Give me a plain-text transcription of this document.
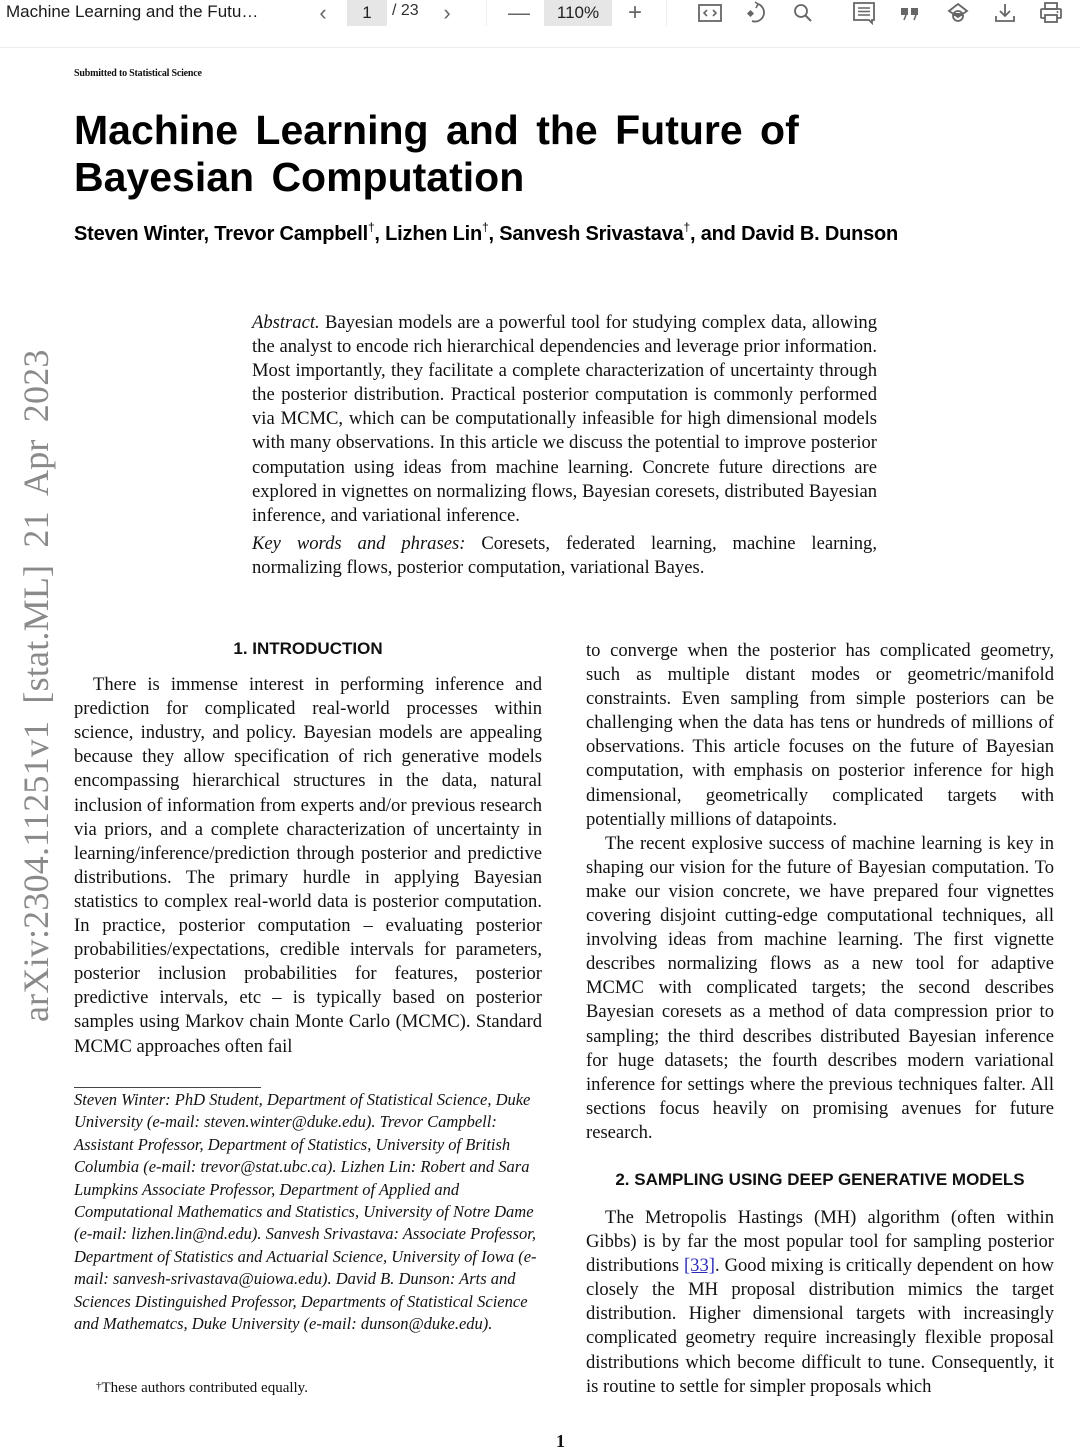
Machine Learning and the Futu…	‹	1	/ 23 ›	—	110%	+
Submitted to Statistical Science
Machine Learning and the Future of
Bayesian Computation
Steven Winter, Trevor Campbell†, Lizhen Lin†, Sanvesh Srivastava†, and David B. Dunson

Abstract. Bayesian models are a powerful tool for studying complex data, allowing the analyst to encode rich hierarchical dependencies and leverage prior information. Most importantly, they facilitate a complete characterization of uncertainty through the posterior distribution. Practical posterior computation is commonly performed via MCMC, which can be computationally infeasible for high dimensional models with many observations. In this article we discuss the potential to improve posterior computation using ideas from machine learning. Concrete future directions are explored in vignettes on normalizing flows, Bayesian coresets, distributed Bayesian inference, and variational inference.

Key words and phrases: Coresets, federated learning, machine learning, normalizing flows, posterior computation, variational Bayes.

1. INTRODUCTION

There is immense interest in performing inference and prediction for complicated real-world processes within science, industry, and policy. Bayesian models are appealing because they allow specification of rich generative models encompassing hierarchical structures in the data, natural inclusion of information from experts and/or previous research via priors, and a complete characterization of uncertainty in learning/inference/prediction through posterior and predictive distributions. The primary hurdle in applying Bayesian statistics to complex real-world data is posterior computation. In practice, posterior computation – evaluating posterior probabilities/expectations, credible intervals for parameters, posterior inclusion probabilities for features, posterior predictive intervals, etc – is typically based on posterior samples using Markov chain Monte Carlo (MCMC). Standard MCMC approaches often fail

Steven Winter: PhD Student, Department of Statistical Science, Duke University (e-mail: steven.winter@duke.edu). Trevor Campbell: Assistant Professor, Department of Statistics, University of British Columbia (e-mail: trevor@stat.ubc.ca). Lizhen Lin: Robert and Sara Lumpkins Associate Professor, Department of Applied and Computational Mathematics and Statistics, University of Notre Dame (e-mail: lizhen.lin@nd.edu). Sanvesh Srivastava: Associate Professor, Department of Statistics and Actuarial Science, University of Iowa (e-mail: sanvesh-srivastava@uiowa.edu). David B. Dunson: Arts and Sciences Distinguished Professor, Departments of Statistical Science and Mathematcs, Duke University (e-mail: dunson@duke.edu).
†These authors contributed equally.

to converge when the posterior has complicated geometry, such as multiple distant modes or geometric/manifold constraints. Even sampling from simple posteriors can be challenging when the data has tens or hundreds of millions of observations. This article focuses on the future of Bayesian computation, with emphasis on posterior inference for high dimensional, geometrically complicated targets with potentially millions of datapoints.

The recent explosive success of machine learning is key in shaping our vision for the future of Bayesian computation. To make our vision concrete, we have prepared four vignettes covering disjoint cutting-edge computational techniques, all involving ideas from machine learning. The first vignette describes normalizing flows as a new tool for adaptive MCMC with complicated targets; the second describes Bayesian coresets as a method of data compression prior to sampling; the third describes distributed Bayesian inference for huge datasets; the fourth describes modern variational inference for settings where the previous techniques falter. All sections focus heavily on promising avenues for future research.

2. SAMPLING USING DEEP GENERATIVE MODELS

The Metropolis Hastings (MH) algorithm (often within Gibbs) is by far the most popular tool for sampling posterior distributions [33]. Good mixing is critically dependent on how closely the MH proposal distribution mimics the target distribution. Higher dimensional targets with increasingly complicated geometry require increasingly flexible proposal distributions which become difficult to tune. Consequently, it is routine to settle for simpler proposals which

1
arXiv:2304.11251v1 [stat.ML] 21 Apr 2023
